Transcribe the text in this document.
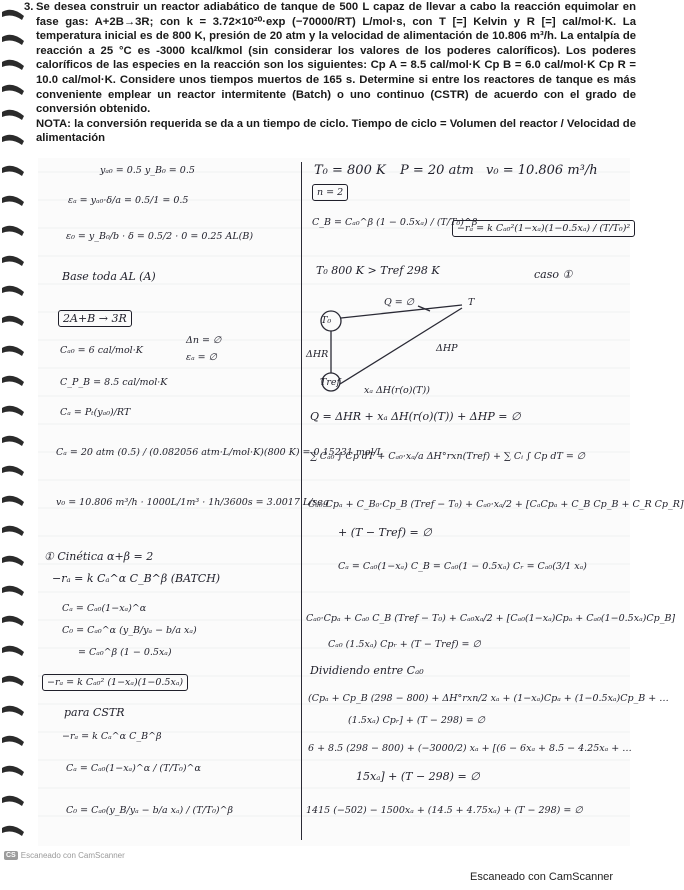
3. Se desea construir un reactor adiabático de tanque de 500 L capaz de llevar a cabo la reacción equimolar en fase gas: A+2B→3R; con k = 3.72×10²⁰·exp (−70000/RT) L/mol·s, con T [=] Kelvin y R [=] cal/mol·K. La temperatura inicial es de 800 K, presión de 20 atm y la velocidad de alimentación de 10.806 m³/h. La entalpía de reacción a 25 °C es -3000 kcal/kmol (sin considerar los valores de los poderes caloríficos). Los poderes caloríficos de las especies en la reacción son los siguientes: Cp A = 8.5 cal/mol·K Cp B = 6.0 cal/mol·K Cp R = 10.0 cal/mol·K. Considere unos tiempos muertos de 165 s. Determine si entre los reactores de tanque es más conveniente emplear un reactor intermitente (Batch) o uno continuo (CSTR) de acuerdo con el grado de conversión obtenido.

NOTA: la conversión requerida se da a un tiempo de ciclo. Tiempo de ciclo = Volumen del reactor / Velocidad de alimentación

yₐ₀ = 0.5 y_B₀ = 0.5
εₐ = yₐ₀·δ/a = 0.5/1 = 0.5
ε₀ = y_B₀/b · δ = 0.5/2 · 0 = 0.25 AL(B)
Base toda AL (A)
2A+B → 3R
Δn = ∅
εₐ = ∅
Cₐ₀ = 6 cal/mol·K
C_P_B = 8.5 cal/mol·K
Cₐ = Pₜ(yₐ₀)/RT
Cₐ = 20 atm (0.5) / (0.082056 atm·L/mol·K)(800 K) = 0.15231 mol/L
v₀ = 10.806 m³/h · 1000L/1m³ · 1h/3600s = 3.0017 L/seg
① Cinética α+β = 2
−rₐ = k Cₐ^α C_B^β (BATCH)
Cₐ = Cₐ₀(1−xₐ)^α
C₀ = Cₐ₀^α (y_B/yₐ − b/a xₐ)
= Cₐ₀^β (1 − 0.5xₐ)
−rₐ = k Cₐ₀² (1−xₐ)(1−0.5xₐ)
para CSTR
−rₐ = k Cₐ^α C_B^β
Cₐ = Cₐ₀(1−xₐ)^α / (T/T₀)^α
C₀ = Cₐ₀(y_B/yₐ − b/a xₐ) / (T/T₀)^β
T₀ = 800 K P = 20 atm v₀ = 10.806 m³/h
n = 2
C_B = Cₐ₀^β (1 − 0.5xₐ) / (T/T₀)^β
−rₐ = k Cₐ₀²(1−xₐ)(1−0.5xₐ) / (T/T₀)²
T₀ 800 K > Tref 298 K	caso ①
Q = ∅	T
T₀
ΔHR
ΔHP
Tref
xₐ ΔH(r(o)(T))
Q = ΔHR + xₐ ΔH(r(o)(T)) + ΔHP = ∅
∑ Cₐ₀ ∫ Cp dT + Cₐ₀·xₐ/a ΔH°rxn(Tref) + ∑ Cᵢ ∫ Cp dT = ∅
Cₐ₀·Cpₐ + C_B₀·Cp_B (Tref − T₀) + Cₐ₀·xₐ/2 + [CₐCpₐ + C_B Cp_B + C_R Cp_R]
+ (T − Tref) = ∅
Cₐ = Cₐ₀(1−xₐ) C_B = Cₐ₀(1 − 0.5xₐ) Cᵣ = Cₐ₀(3/1 xₐ)
Cₐ₀·Cpₐ + Cₐ₀ C_B (Tref − T₀) + Cₐ₀xₐ/2 + [Cₐ₀(1−xₐ)Cpₐ + Cₐ₀(1−0.5xₐ)Cp_B]
Cₐ₀ (1.5xₐ) Cpᵣ + (T − Tref) = ∅
Dividiendo entre Cₐ₀
(Cpₐ + Cp_B (298 − 800) + ΔH°rxn/2 xₐ + (1−xₐ)Cpₐ + (1−0.5xₐ)Cp_B + …
(1.5xₐ) Cpᵣ] + (T − 298) = ∅
6 + 8.5 (298 − 800) + (−3000/2) xₐ + [(6 − 6xₐ + 8.5 − 4.25xₐ + …
15xₐ] + (T − 298) = ∅
1415 (−502) − 1500xₐ + (14.5 + 4.75xₐ) + (T − 298) = ∅
CS Escaneado con CamScanner
Escaneado con CamScanner
